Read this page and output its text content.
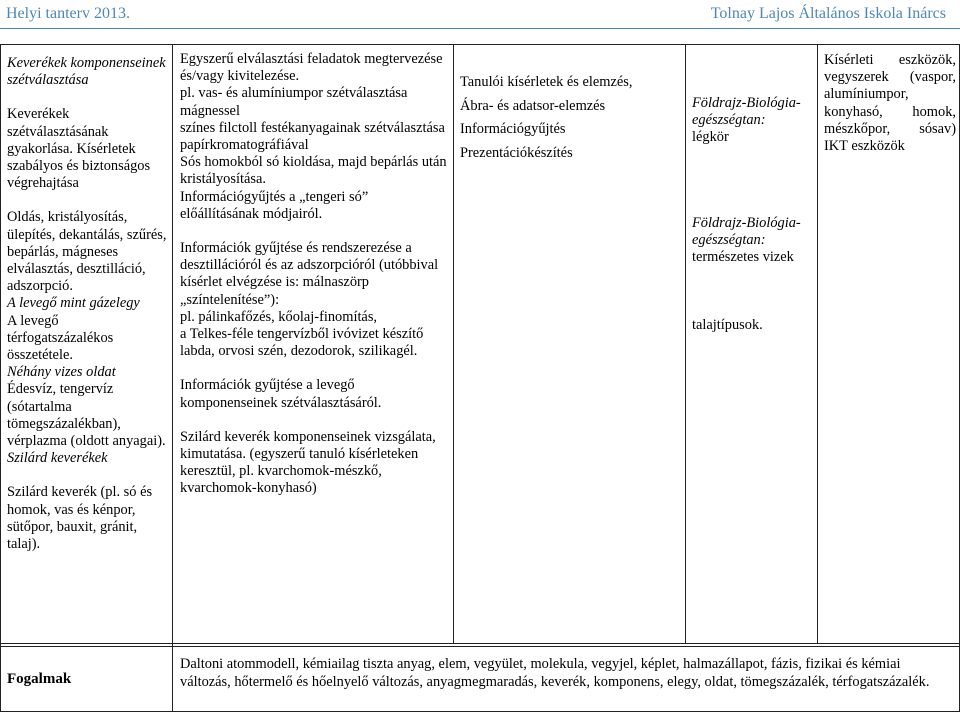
Helyi tanterv 2013.	Tolnay Lajos Általános Iskola Inárcs
Keverékek komponenseinek szétválasztása
Keverékek szétválasztásának gyakorlása. Kísérletek szabályos és biztonságos végrehajtása
Oldás, kristályosítás, ülepítés, dekantálás, szűrés, bepárlás, mágneses elválasztás, desztilláció, adszorpció.
A levegő mint gázelegy
A levegő térfogatszázalékos összetétele.
Néhány vizes oldat
Édesvíz, tengervíz (sótartalma tömegszázalékban), vérplazma (oldott anyagai).
Szilárd keverékek
Szilárd keverék (pl. só és homok, vas és kénpor, sütőpor, bauxit, gránit, talaj).
Egyszerű elválasztási feladatok megtervezése és/vagy kivitelezése.
pl. vas- és alumíniumpor szétválasztása mágnessel
színes filctoll festékanyagainak szétválasztása papírkromatográfiával
Sós homokból só kioldása, majd bepárlás után kristályosítása.
Információgyűjtés a „tengeri só” előállításának módjairól.
Információk gyűjtése és rendszerezése a desztillációról és az adszorpcióról (utóbbival kísérlet elvégzése is: málnaszörp „színtelenítése”):
pl. pálinkafőzés, kőolaj-finomítás,
a Telkes-féle tengervízből ivóvizet készítő labda, orvosi szén, dezodorok, szilikagél.
Információk gyűjtése a levegő komponenseinek szétválasztásáról.
Szilárd keverék komponenseinek vizsgálata, kimutatása. (egyszerű tanuló kísérleteken keresztül, pl. kvarchomok-mészkő, kvarchomok-konyhasó)
Tanulói kísérletek és elemzés,
Ábra- és adatsor-elemzés
Információgyűjtés
Prezentációkészítés
Földrajz-Biológia-egészségtan:
légkör
Földrajz-Biológia-egészségtan:
természetes vizek
talajtípusok.
Kísérleti eszközök, vegyszerek (vaspor, alumíniumpor, konyhasó, homok, mészkőpor, sósav) IKT eszközök
Fogalmak
Daltoni atommodell, kémiailag tiszta anyag, elem, vegyület, molekula, vegyjel, képlet, halmazállapot, fázis, fizikai és kémiai változás, hőtermelő és hőelnyelő változás, anyagmegmaradás, keverék, komponens, elegy, oldat, tömegszázalék, térfogatszázalék.
